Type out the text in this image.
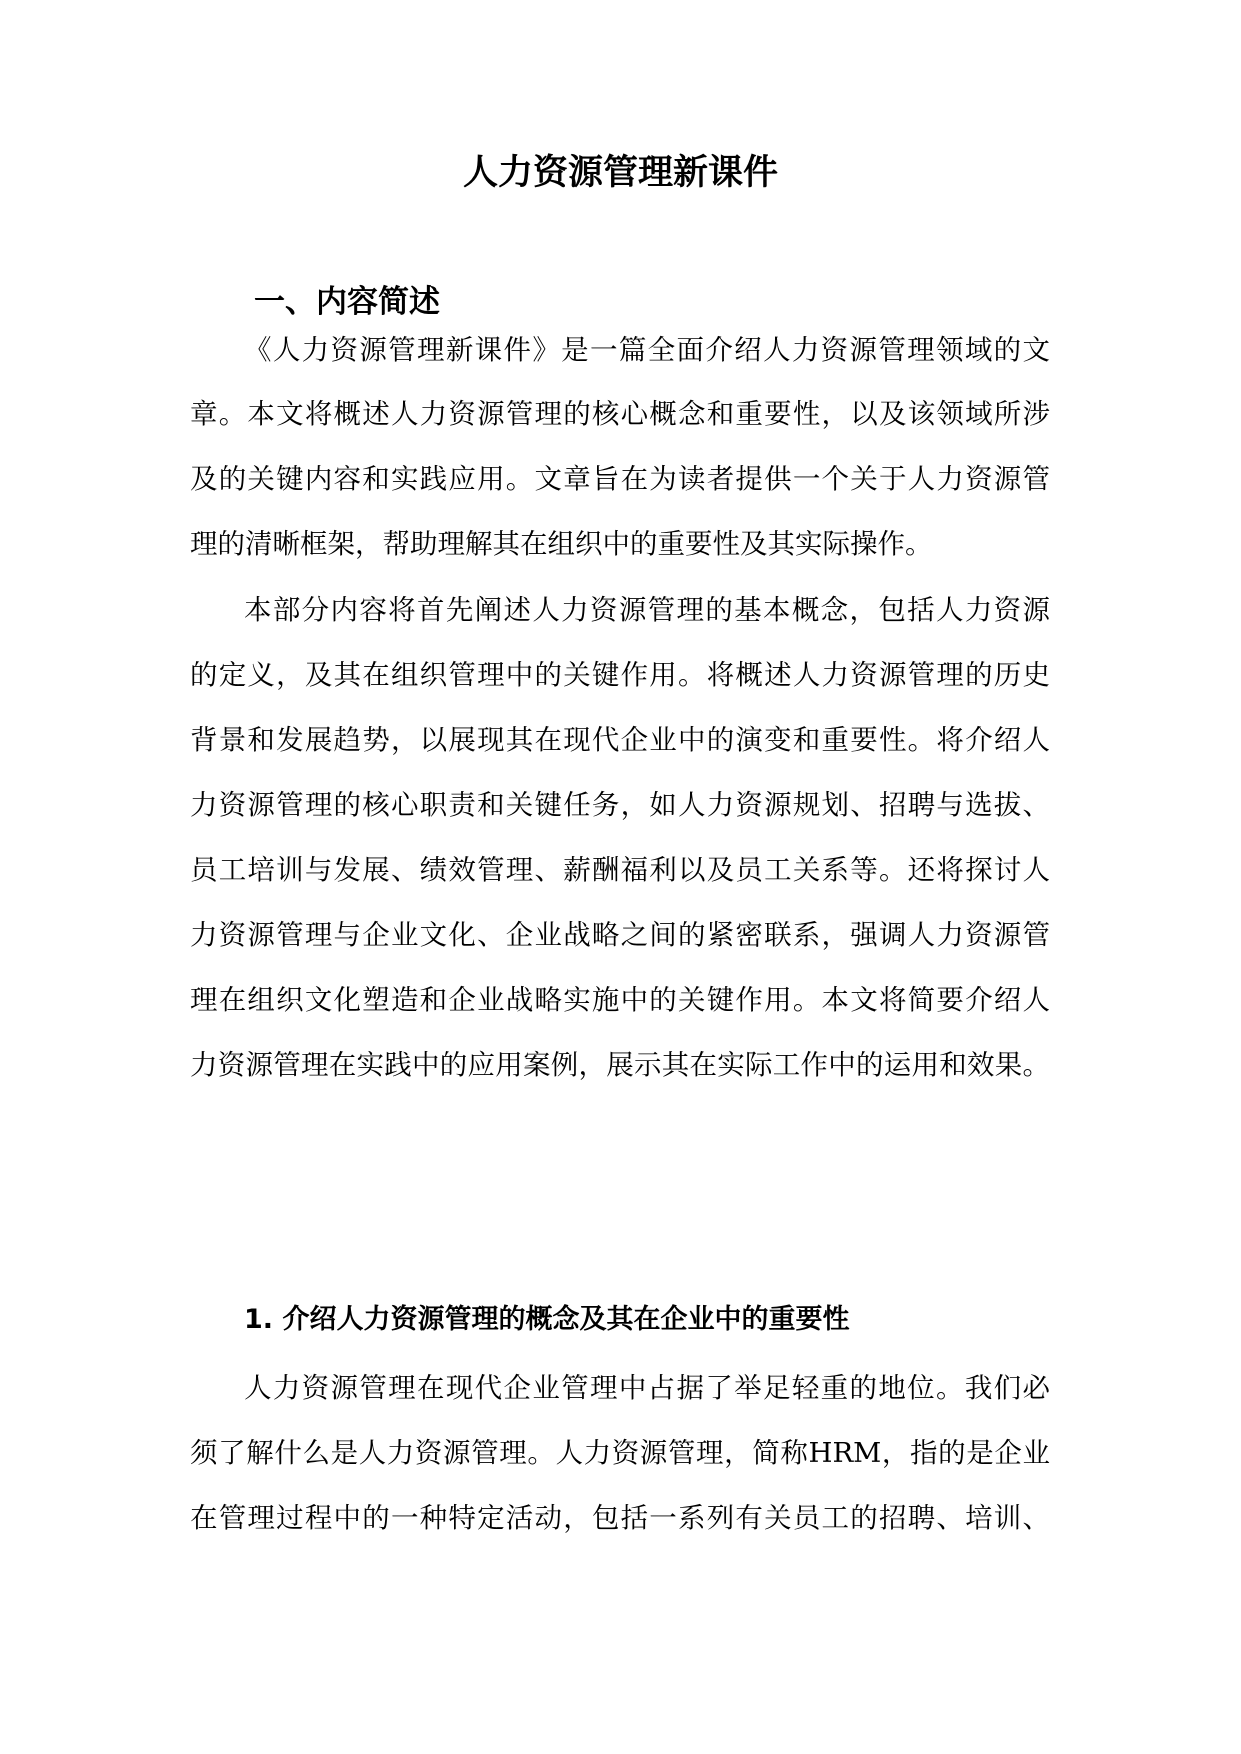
人力资源管理新课件
一、内容简述
《人力资源管理新课件》是一篇全面介绍人力资源管理领域的文
章。本文将概述人力资源管理的核心概念和重要性，以及该领域所涉
及的关键内容和实践应用。文章旨在为读者提供一个关于人力资源管
理的清晰框架，帮助理解其在组织中的重要性及其实际操作。
本部分内容将首先阐述人力资源管理的基本概念，包括人力资源
的定义，及其在组织管理中的关键作用。将概述人力资源管理的历史
背景和发展趋势，以展现其在现代企业中的演变和重要性。将介绍人
力资源管理的核心职责和关键任务，如人力资源规划、招聘与选拔、
员工培训与发展、绩效管理、薪酬福利以及员工关系等。还将探讨人
力资源管理与企业文化、企业战略之间的紧密联系，强调人力资源管
理在组织文化塑造和企业战略实施中的关键作用。本文将简要介绍人
力资源管理在实践中的应用案例，展示其在实际工作中的运用和效果。
1. 介绍人力资源管理的概念及其在企业中的重要性
人力资源管理在现代企业管理中占据了举足轻重的地位。我们必
须了解什么是人力资源管理。人力资源管理，简称HRM，指的是企业
在管理过程中的一种特定活动，包括一系列有关员工的招聘、培训、
